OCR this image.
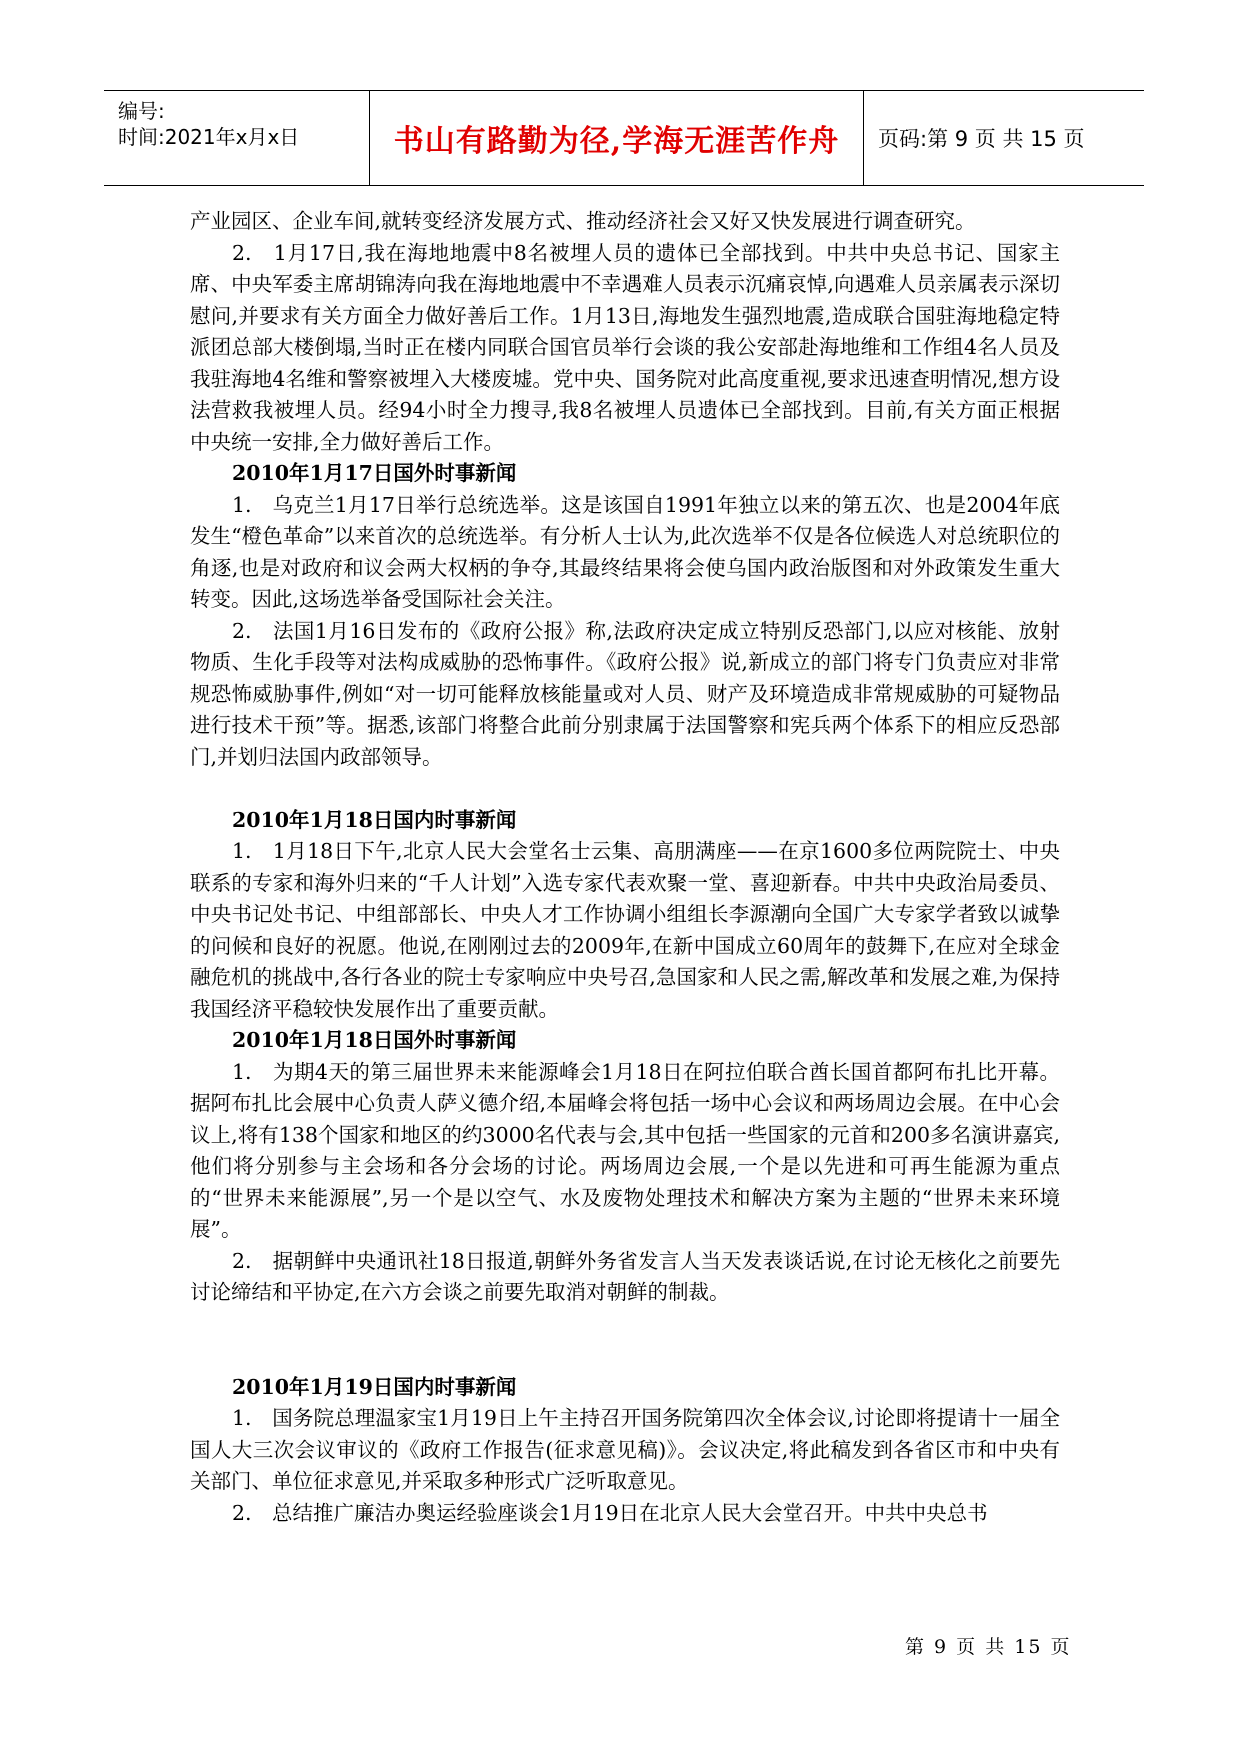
编号:
时间:2021年x月x日	书山有路勤为径,学海无涯苦作舟 页码:第 9 页 共 15 页

产业园区、企业车间,就转变经济发展方式、推动经济社会又好又快发展进行调查研究。

2.　1月17日,我在海地地震中8名被埋人员的遗体已全部找到。中共中央总书记、国家主席、中央军委主席胡锦涛向我在海地地震中不幸遇难人员表示沉痛哀悼,向遇难人员亲属表示深切慰问,并要求有关方面全力做好善后工作。1月13日,海地发生强烈地震,造成联合国驻海地稳定特派团总部大楼倒塌,当时正在楼内同联合国官员举行会谈的我公安部赴海地维和工作组4名人员及我驻海地4名维和警察被埋入大楼废墟。党中央、国务院对此高度重视,要求迅速查明情况,想方设法营救我被埋人员。经94小时全力搜寻,我8名被埋人员遗体已全部找到。目前,有关方面正根据中央统一安排,全力做好善后工作。

2010年1月17日国外时事新闻

1.　乌克兰1月17日举行总统选举。这是该国自1991年独立以来的第五次、也是2004年底发生“橙色革命”以来首次的总统选举。有分析人士认为,此次选举不仅是各位候选人对总统职位的角逐,也是对政府和议会两大权柄的争夺,其最终结果将会使乌国内政治版图和对外政策发生重大转变。因此,这场选举备受国际社会关注。

2.　法国1月16日发布的《政府公报》称,法政府决定成立特别反恐部门,以应对核能、放射物质、生化手段等对法构成威胁的恐怖事件。《政府公报》说,新成立的部门将专门负责应对非常规恐怖威胁事件,例如“对一切可能释放核能量或对人员、财产及环境造成非常规威胁的可疑物品进行技术干预”等。据悉,该部门将整合此前分别隶属于法国警察和宪兵两个体系下的相应反恐部门,并划归法国内政部领导。

2010年1月18日国内时事新闻

1.　1月18日下午,北京人民大会堂名士云集、高朋满座——在京1600多位两院院士、中央联系的专家和海外归来的“千人计划”入选专家代表欢聚一堂、喜迎新春。中共中央政治局委员、中央书记处书记、中组部部长、中央人才工作协调小组组长李源潮向全国广大专家学者致以诚挚的问候和良好的祝愿。他说,在刚刚过去的2009年,在新中国成立60周年的鼓舞下,在应对全球金融危机的挑战中,各行各业的院士专家响应中央号召,急国家和人民之需,解改革和发展之难,为保持我国经济平稳较快发展作出了重要贡献。

2010年1月18日国外时事新闻

1.　为期4天的第三届世界未来能源峰会1月18日在阿拉伯联合酋长国首都阿布扎比开幕。据阿布扎比会展中心负责人萨义德介绍,本届峰会将包括一场中心会议和两场周边会展。在中心会议上,将有138个国家和地区的约3000名代表与会,其中包括一些国家的元首和200多名演讲嘉宾,他们将分别参与主会场和各分会场的讨论。两场周边会展,一个是以先进和可再生能源为重点的“世界未来能源展”,另一个是以空气、水及废物处理技术和解决方案为主题的“世界未来环境展”。

2.　据朝鲜中央通讯社18日报道,朝鲜外务省发言人当天发表谈话说,在讨论无核化之前要先讨论缔结和平协定,在六方会谈之前要先取消对朝鲜的制裁。

2010年1月19日国内时事新闻

1.　国务院总理温家宝1月19日上午主持召开国务院第四次全体会议,讨论即将提请十一届全国人大三次会议审议的《政府工作报告(征求意见稿)》。会议决定,将此稿发到各省区市和中央有关部门、单位征求意见,并采取多种形式广泛听取意见。

2.　总结推广廉洁办奥运经验座谈会1月19日在北京人民大会堂召开。中共中央总书

第 9 页 共 15 页
